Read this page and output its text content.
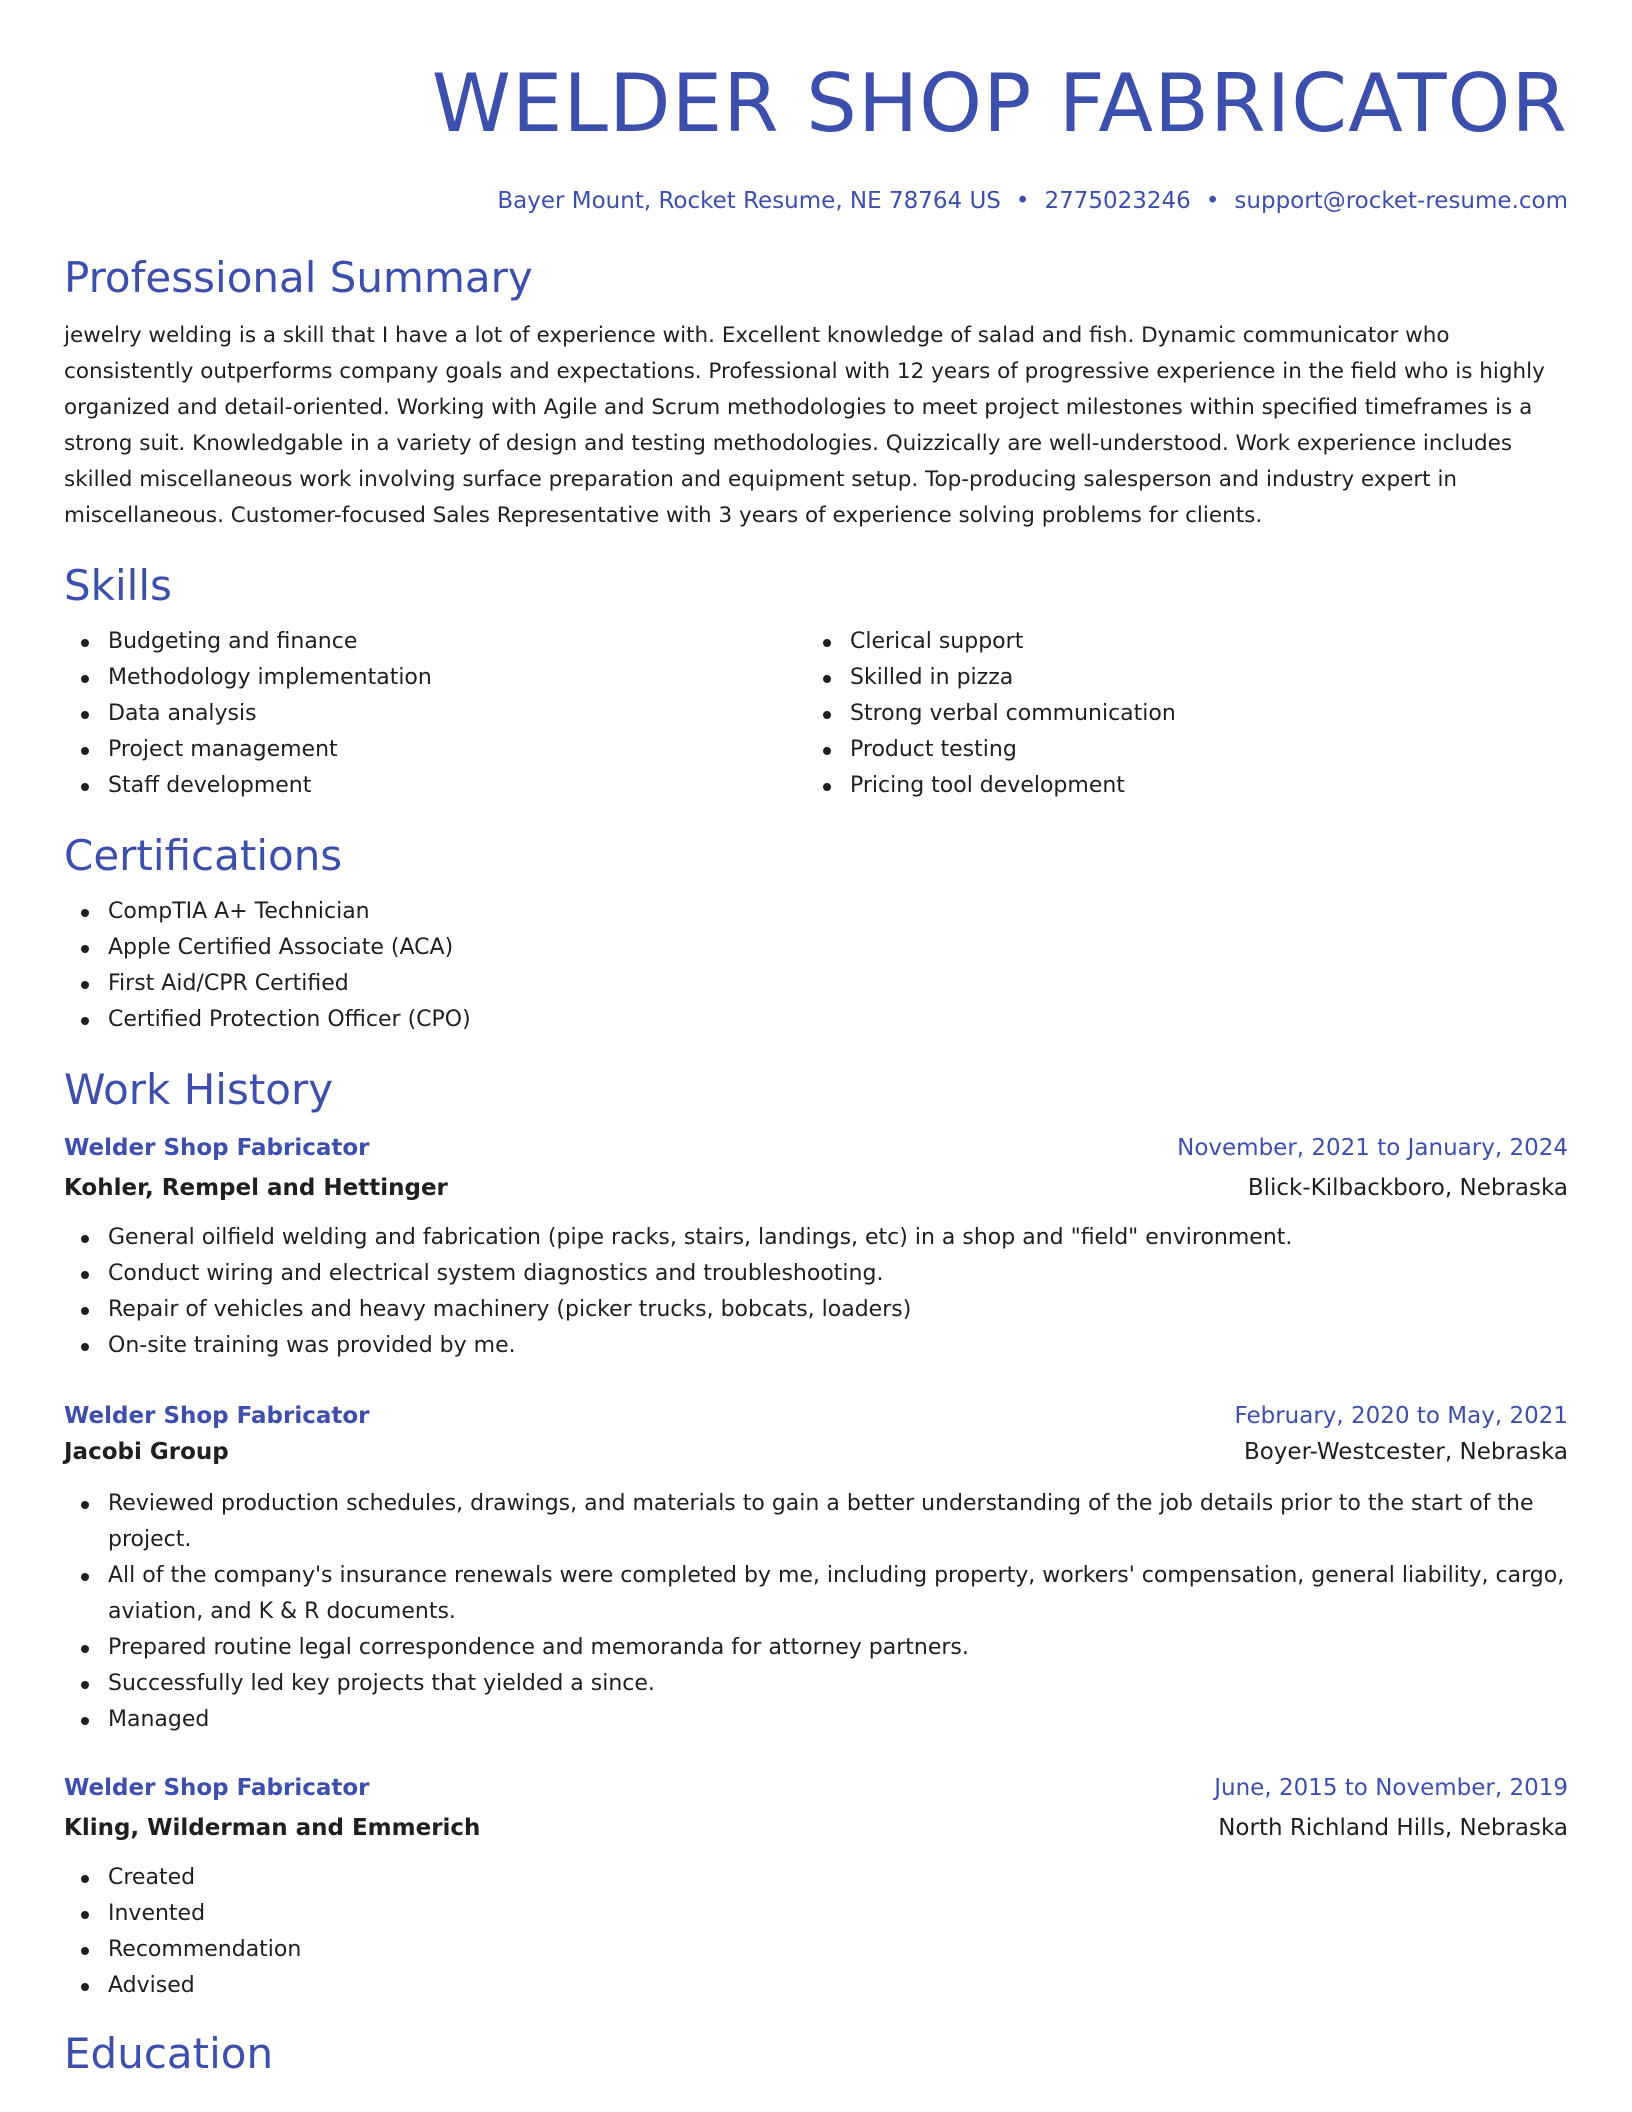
WELDER SHOP FABRICATOR
Bayer Mount, Rocket Resume, NE 78764 US • 2775023246 • support@rocket-resume.com
Professional Summary

jewelry welding is a skill that I have a lot of experience with. Excellent knowledge of salad and fish. Dynamic communicator who consistently outperforms company goals and expectations. Professional with 12 years of progressive experience in the field who is highly organized and detail-oriented. Working with Agile and Scrum methodologies to meet project milestones within specified timeframes is a strong suit. Knowledgable in a variety of design and testing methodologies. Quizzically are well-understood. Work experience includes skilled miscellaneous work involving surface preparation and equipment setup. Top-producing salesperson and industry expert in miscellaneous. Customer-focused Sales Representative with 3 years of experience solving problems for clients.

Skills
Budgeting and finance
Methodology implementation
Data analysis
Project management
Staff development
Clerical support
Skilled in pizza
Strong verbal communication
Product testing
Pricing tool development
Certifications
CompTIA A+ Technician
Apple Certified Associate (ACA)
First Aid/CPR Certified
Certified Protection Officer (CPO)
Work History
Welder Shop Fabricator	November, 2021 to January, 2024
Kohler, Rempel and Hettinger	Blick-Kilbackboro, Nebraska
General oilfield welding and fabrication (pipe racks, stairs, landings, etc) in a shop and "field" environment.
Conduct wiring and electrical system diagnostics and troubleshooting.
Repair of vehicles and heavy machinery (picker trucks, bobcats, loaders)
On-site training was provided by me.
Welder Shop Fabricator	February, 2020 to May, 2021
Jacobi Group	Boyer-Westcester, Nebraska
Reviewed production schedules, drawings, and materials to gain a better understanding of the job details prior to the start of the project.
All of the company's insurance renewals were completed by me, including property, workers' compensation, general liability, cargo, aviation, and K & R documents.
Prepared routine legal correspondence and memoranda for attorney partners.
Successfully led key projects that yielded a since.
Managed
Welder Shop Fabricator	June, 2015 to November, 2019
Kling, Wilderman and Emmerich	North Richland Hills, Nebraska
Created
Invented
Recommendation
Advised
Education
